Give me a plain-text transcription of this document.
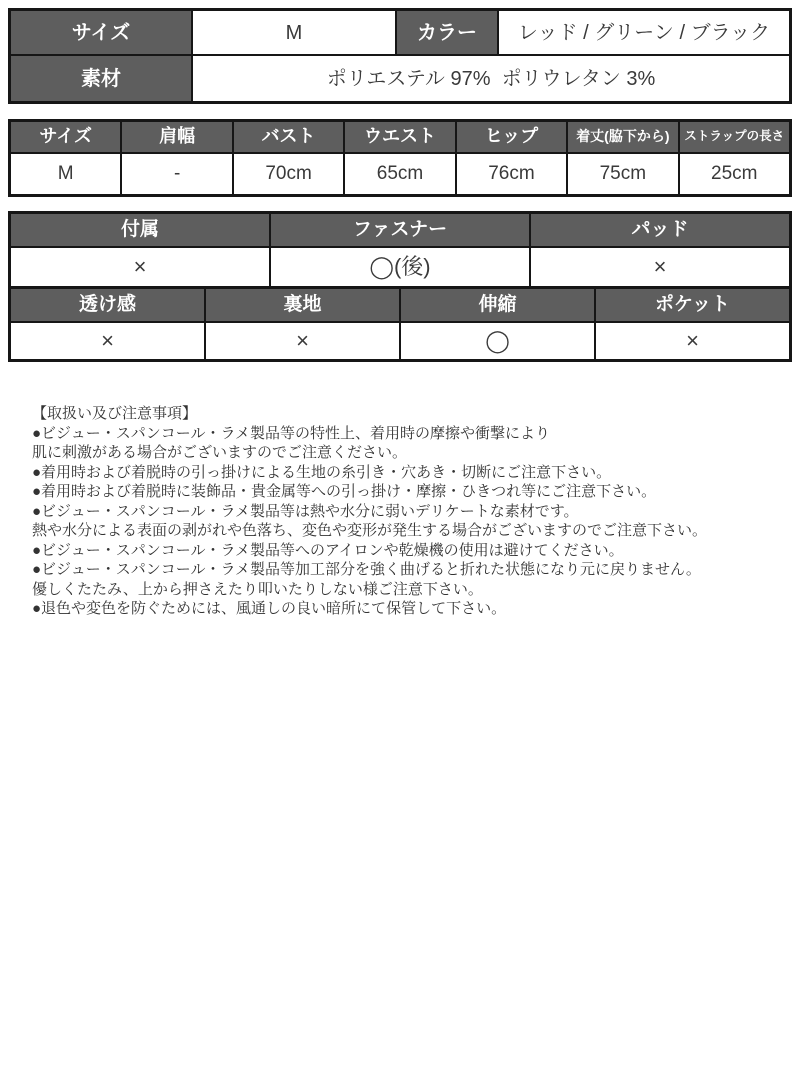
サイズ	M	カラー	レッド / グリーン / ブラック
素材	ポリエステル 97%  ポリウレタン 3%
サイズ	肩幅	バスト	ウエスト	ヒップ	着丈(脇下から)	ストラップの長さ
M	-	70cm	65cm	76cm	75cm	25cm
付属	ファスナー	パッド
×	◯(後)	×
透け感	裏地	伸縮	ポケット
×	×	◯	×
【取扱い及び注意事項】
●ビジュー・スパンコール・ラメ製品等の特性上、着用時の摩擦や衝撃により
肌に刺激がある場合がございますのでご注意ください。
●着用時および着脱時の引っ掛けによる生地の糸引き・穴あき・切断にご注意下さい。
●着用時および着脱時に装飾品・貴金属等への引っ掛け・摩擦・ひきつれ等にご注意下さい。
●ビジュー・スパンコール・ラメ製品等は熱や水分に弱いデリケートな素材です。
熱や水分による表面の剥がれや色落ち、変色や変形が発生する場合がございますのでご注意下さい。
●ビジュー・スパンコール・ラメ製品等へのアイロンや乾燥機の使用は避けてください。
●ビジュー・スパンコール・ラメ製品等加工部分を強く曲げると折れた状態になり元に戻りません。
優しくたたみ、上から押さえたり叩いたりしない様ご注意下さい。
●退色や変色を防ぐためには、風通しの良い暗所にて保管して下さい。
